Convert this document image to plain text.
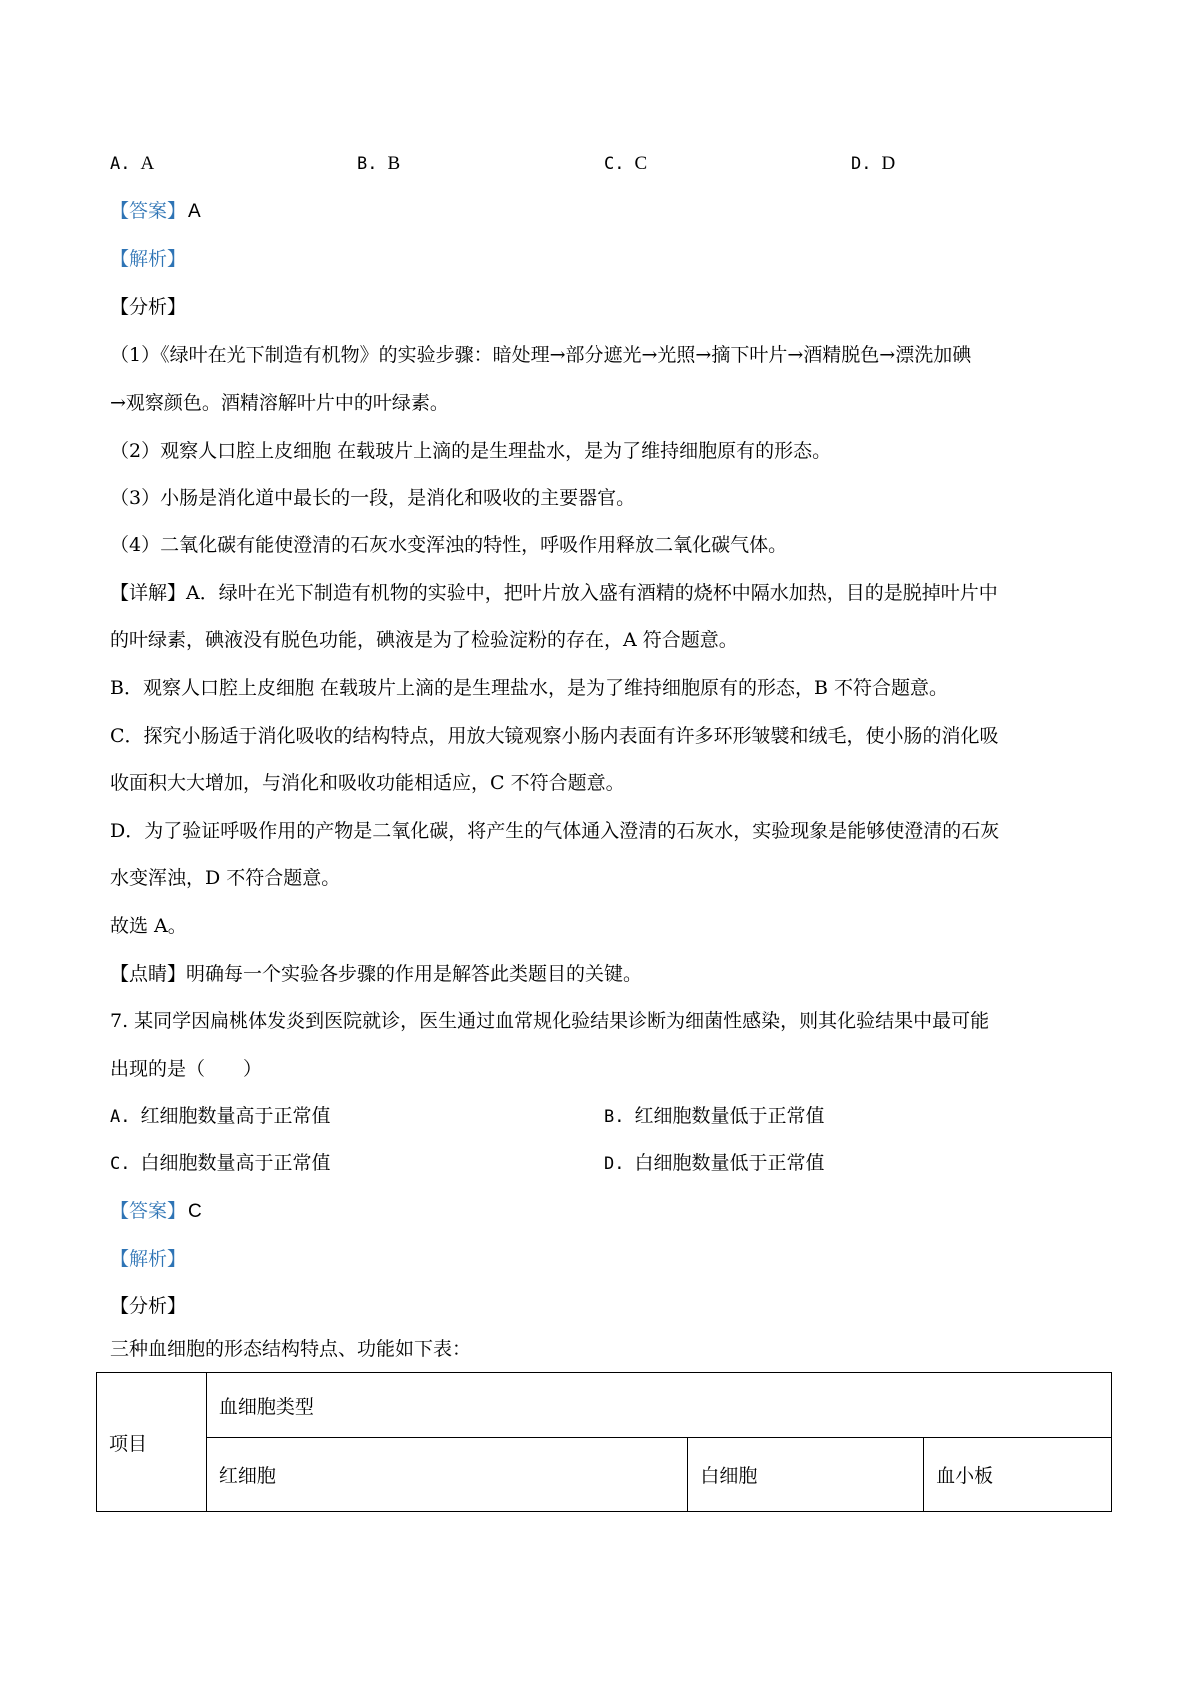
A. A	B. B	C. C	D. D
【答案】 A
【解析】
【分析】
（1）《绿叶在光下制造有机物》的实验步骤：暗处理→部分遮光→光照→摘下叶片→酒精脱色→漂洗加碘
→观察颜色。酒精溶解叶片中的叶绿素。
（2）观察人口腔上皮细胞 在载玻片上滴的是生理盐水，是为了维持细胞原有的形态。
（3）小肠是消化道中最长的一段，是消化和吸收的主要器官。
（4）二氧化碳有能使澄清的石灰水变浑浊的特性，呼吸作用释放二氧化碳气体。
【详解】A．绿叶在光下制造有机物的实验中，把叶片放入盛有酒精的烧杯中隔水加热，目的是脱掉叶片中
的叶绿素，碘液没有脱色功能，碘液是为了检验淀粉的存在，A 符合题意。
B．观察人口腔上皮细胞 在载玻片上滴的是生理盐水，是为了维持细胞原有的形态，B 不符合题意。
C．探究小肠适于消化吸收的结构特点，用放大镜观察小肠内表面有许多环形皱襞和绒毛，使小肠的消化吸
收面积大大增加，与消化和吸收功能相适应，C 不符合题意。
D．为了验证呼吸作用的产物是二氧化碳，将产生的气体通入澄清的石灰水，实验现象是能够使澄清的石灰
水变浑浊，D 不符合题意。
故选 A。
【点睛】明确每一个实验各步骤的作用是解答此类题目的关键。
7. 某同学因扁桃体发炎到医院就诊，医生通过血常规化验结果诊断为细菌性感染，则其化验结果中最可能
出现的是（　　）
A. 红细胞数量高于正常值	B. 红细胞数量低于正常值
C. 白细胞数量高于正常值	D. 白细胞数量低于正常值
【答案】 C
【解析】
【分析】
三种血细胞的形态结构特点、功能如下表：
项目	血细胞类型		
	红细胞	白细胞	血小板
